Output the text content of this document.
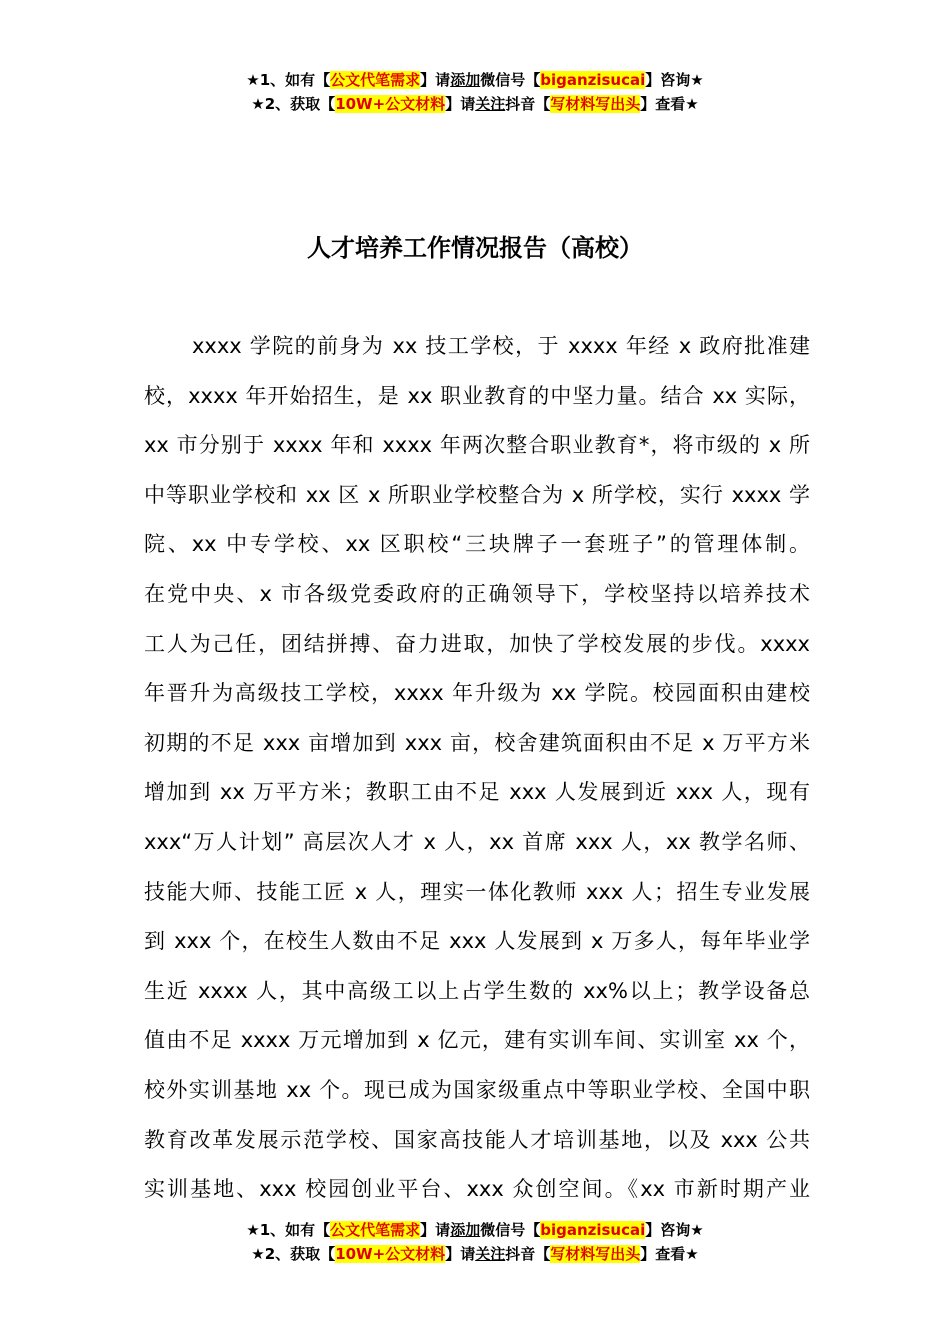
★1、如有【公文代笔需求】请添加微信号【biganzisucai】咨询★
★2、获取【10W+公文材料】请关注抖音【写材料写出头】查看★
人才培养工作情况报告（高校）
xxxx 学院的前身为 xx 技工学校，于 xxxx 年经 x 政府批准建
校，xxxx 年开始招生，是 xx 职业教育的中坚力量。结合 xx 实际，
xx 市分别于 xxxx 年和 xxxx 年两次整合职业教育*，将市级的 x 所
中等职业学校和 xx 区 x 所职业学校整合为 x 所学校，实行 xxxx 学
院、xx 中专学校、xx 区职校“三块牌子一套班子”的管理体制。
在党中央、x 市各级党委政府的正确领导下，学校坚持以培养技术
工人为己任，团结拼搏、奋力进取，加快了学校发展的步伐。xxxx
年晋升为高级技工学校，xxxx 年升级为 xx 学院。校园面积由建校
初期的不足 xxx 亩增加到 xxx 亩，校舍建筑面积由不足 x 万平方米
增加到 xx 万平方米；教职工由不足 xxx 人发展到近 xxx 人，现有
xxx“万人计划” 高层次人才 x 人，xx 首席 xxx 人，xx 教学名师、
技能大师、技能工匠 x 人，理实一体化教师 xxx 人；招生专业发展
到 xxx 个，在校生人数由不足 xxx 人发展到 x 万多人，每年毕业学
生近 xxxx 人，其中高级工以上占学生数的 xx%以上；教学设备总
值由不足 xxxx 万元增加到 x 亿元，建有实训车间、实训室 xx 个，
校外实训基地 xx 个。现已成为国家级重点中等职业学校、全国中职
教育改革发展示范学校、国家高技能人才培训基地，以及 xxx 公共
实训基地、xxx 校园创业平台、xxx 众创空间。《xx 市新时期产业
★1、如有【公文代笔需求】请添加微信号【biganzisucai】咨询★
★2、获取【10W+公文材料】请关注抖音【写材料写出头】查看★
